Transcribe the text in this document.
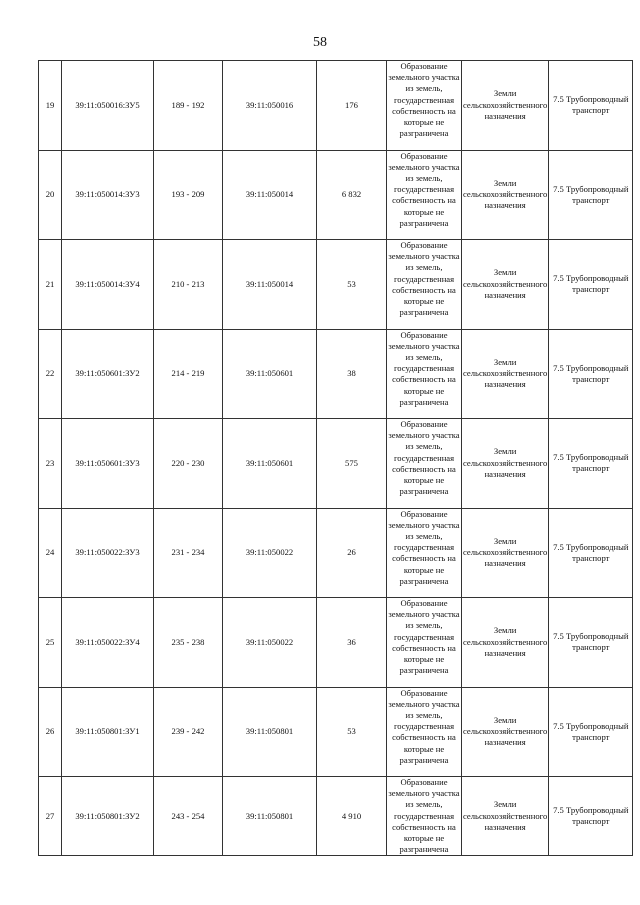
58
19	39:11:050016:ЗУ5	189 - 192	39:11:050016	176	Образование земельного участка из земель, государственная собственность на которые не разграничена	Земли сельскохозяйственного назначения	7.5 Трубопроводный транспорт
20	39:11:050014:ЗУ3	193 - 209	39:11:050014	6 832	Образование земельного участка из земель, государственная собственность на которые не разграничена	Земли сельскохозяйственного назначения	7.5 Трубопроводный транспорт
21	39:11:050014:ЗУ4	210 - 213	39:11:050014	53	Образование земельного участка из земель, государственная собственность на которые не разграничена	Земли сельскохозяйственного назначения	7.5 Трубопроводный транспорт
22	39:11:050601:ЗУ2	214 - 219	39:11:050601	38	Образование земельного участка из земель, государственная собственность на которые не разграничена	Земли сельскохозяйственного назначения	7.5 Трубопроводный транспорт
23	39:11:050601:ЗУ3	220 - 230	39:11:050601	575	Образование земельного участка из земель, государственная собственность на которые не разграничена	Земли сельскохозяйственного назначения	7.5 Трубопроводный транспорт
24	39:11:050022:ЗУ3	231 - 234	39:11:050022	26	Образование земельного участка из земель, государственная собственность на которые не разграничена	Земли сельскохозяйственного назначения	7.5 Трубопроводный транспорт
25	39:11:050022:ЗУ4	235 - 238	39:11:050022	36	Образование земельного участка из земель, государственная собственность на которые не разграничена	Земли сельскохозяйственного назначения	7.5 Трубопроводный транспорт
26	39:11:050801:ЗУ1	239 - 242	39:11:050801	53	Образование земельного участка из земель, государственная собственность на которые не разграничена	Земли сельскохозяйственного назначения	7.5 Трубопроводный транспорт
27	39:11:050801:ЗУ2	243 - 254	39:11:050801	4 910	Образование земельного участка из земель, государственная собственность на которые не разграничена	Земли сельскохозяйственного назначения	7.5 Трубопроводный транспорт
